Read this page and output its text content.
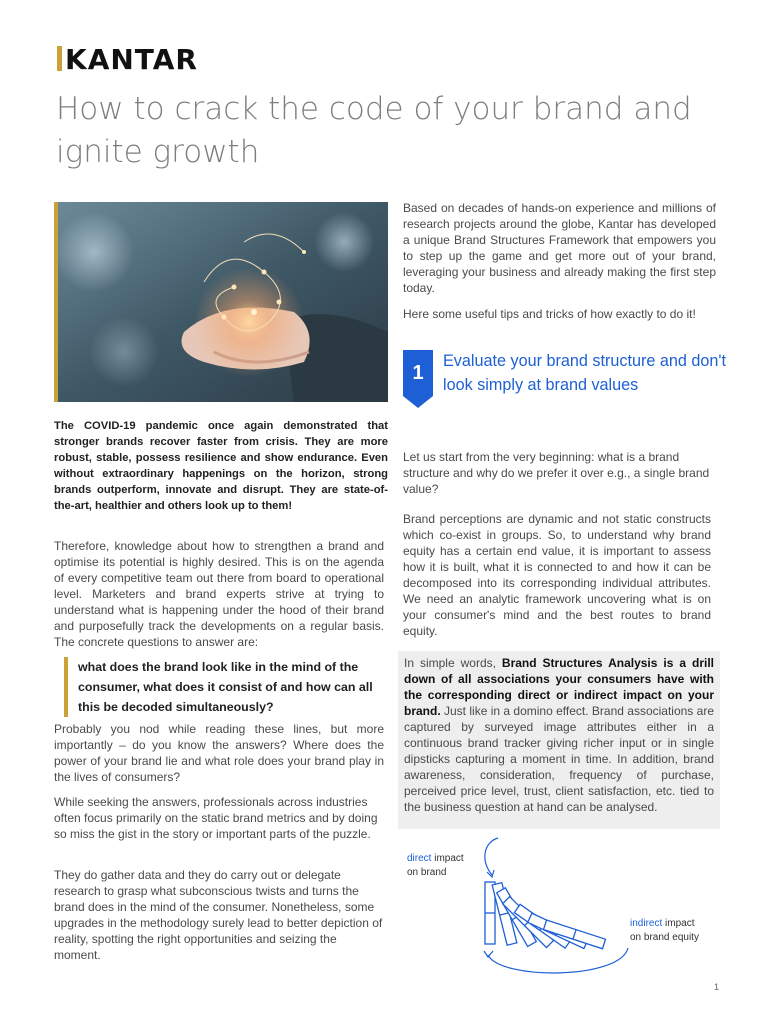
KANTAR
How to crack the code of your brand and ignite growth
The COVID-19 pandemic once again demonstrated that stronger brands recover faster from crisis. They are more robust, stable, possess resilience and show endurance. Even without extraordinary happenings on the horizon, strong brands outperform, innovate and disrupt. They are state-of-the-art, healthier and others look up to them!
Therefore, knowledge about how to strengthen a brand and optimise its potential is highly desired. This is on the agenda of every competitive team out there from board to operational level. Marketers and brand experts strive at trying to understand what is happening under the hood of their brand and purposefully track the developments on a regular basis. The concrete questions to answer are:
what does the brand look like in the mind of the consumer, what does it consist of and how can all this be decoded simultaneously?
Probably you nod while reading these lines, but more importantly – do you know the answers? Where does the power of your brand lie and what role does your brand play in the lives of consumers?
While seeking the answers, professionals across industries often focus primarily on the static brand metrics and by doing so miss the gist in the story or important parts of the puzzle.
They do gather data and they do carry out or delegate research to grasp what subconscious twists and turns the brand does in the mind of the consumer. Nonetheless, some upgrades in the methodology surely lead to better depiction of reality, spotting the right opportunities and seizing the moment.
Based on decades of hands-on experience and millions of research projects around the globe, Kantar has developed a unique Brand Structures Framework that empowers you to step up the game and get more out of your brand, leveraging your business and already making the first step today.
Here some useful tips and tricks of how exactly to do it!
1
Evaluate your brand structure and don't look simply at brand values
Let us start from the very beginning: what is a brand structure and why do we prefer it over e.g., a single brand value?
Brand perceptions are dynamic and not static constructs which co-exist in groups. So, to understand why brand equity has a certain end value, it is important to assess how it is built, what it is connected to and how it can be decomposed into its corresponding individual attributes. We need an analytic framework uncovering what is on your consumer's mind and the best routes to brand equity.
In simple words, Brand Structures Analysis is a drill down of all associations your consumers have with the corresponding direct or indirect impact on your brand. Just like in a domino effect. Brand associations are captured by surveyed image attributes either in a continuous brand tracker giving richer input or in single dipsticks capturing a moment in time. In addition, brand awareness, consideration, frequency of purchase, perceived price level, trust, client satisfaction, etc. tied to the business question at hand can be analysed.
direct impact
on brand
indirect impact
on brand equity
1
